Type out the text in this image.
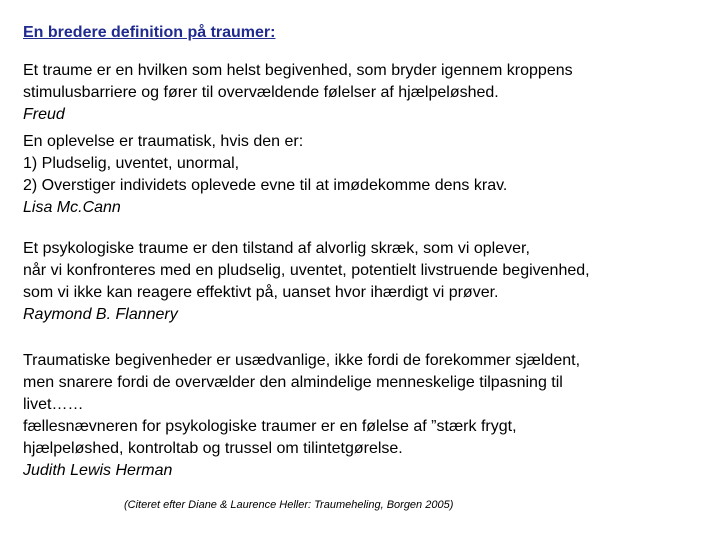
En bredere definition på traumer:
Et traume er en hvilken som helst begivenhed, som bryder igennem kroppens
stimulusbarriere og fører til overvældende følelser af hjælpeløshed.
Freud
En oplevelse er traumatisk, hvis den er:
1) Pludselig, uventet, unormal,
2) Overstiger individets oplevede evne til at imødekomme dens krav.
Lisa Mc.Cann
Et psykologiske traume er den tilstand af alvorlig skræk, som vi oplever,
når vi konfronteres med en pludselig, uventet, potentielt livstruende begivenhed,
som vi ikke kan reagere effektivt på, uanset hvor ihærdigt vi prøver.
Raymond B. Flannery
Traumatiske begivenheder er usædvanlige, ikke fordi de forekommer sjældent,
men snarere fordi de overvælder den almindelige menneskelige tilpasning til
livet……
fællesnævneren for psykologiske traumer er en følelse af ”stærk frygt,
hjælpeløshed, kontroltab og trussel om tilintetgørelse.
Judith Lewis Herman
(Citeret efter Diane & Laurence Heller: Traumeheling, Borgen 2005)
